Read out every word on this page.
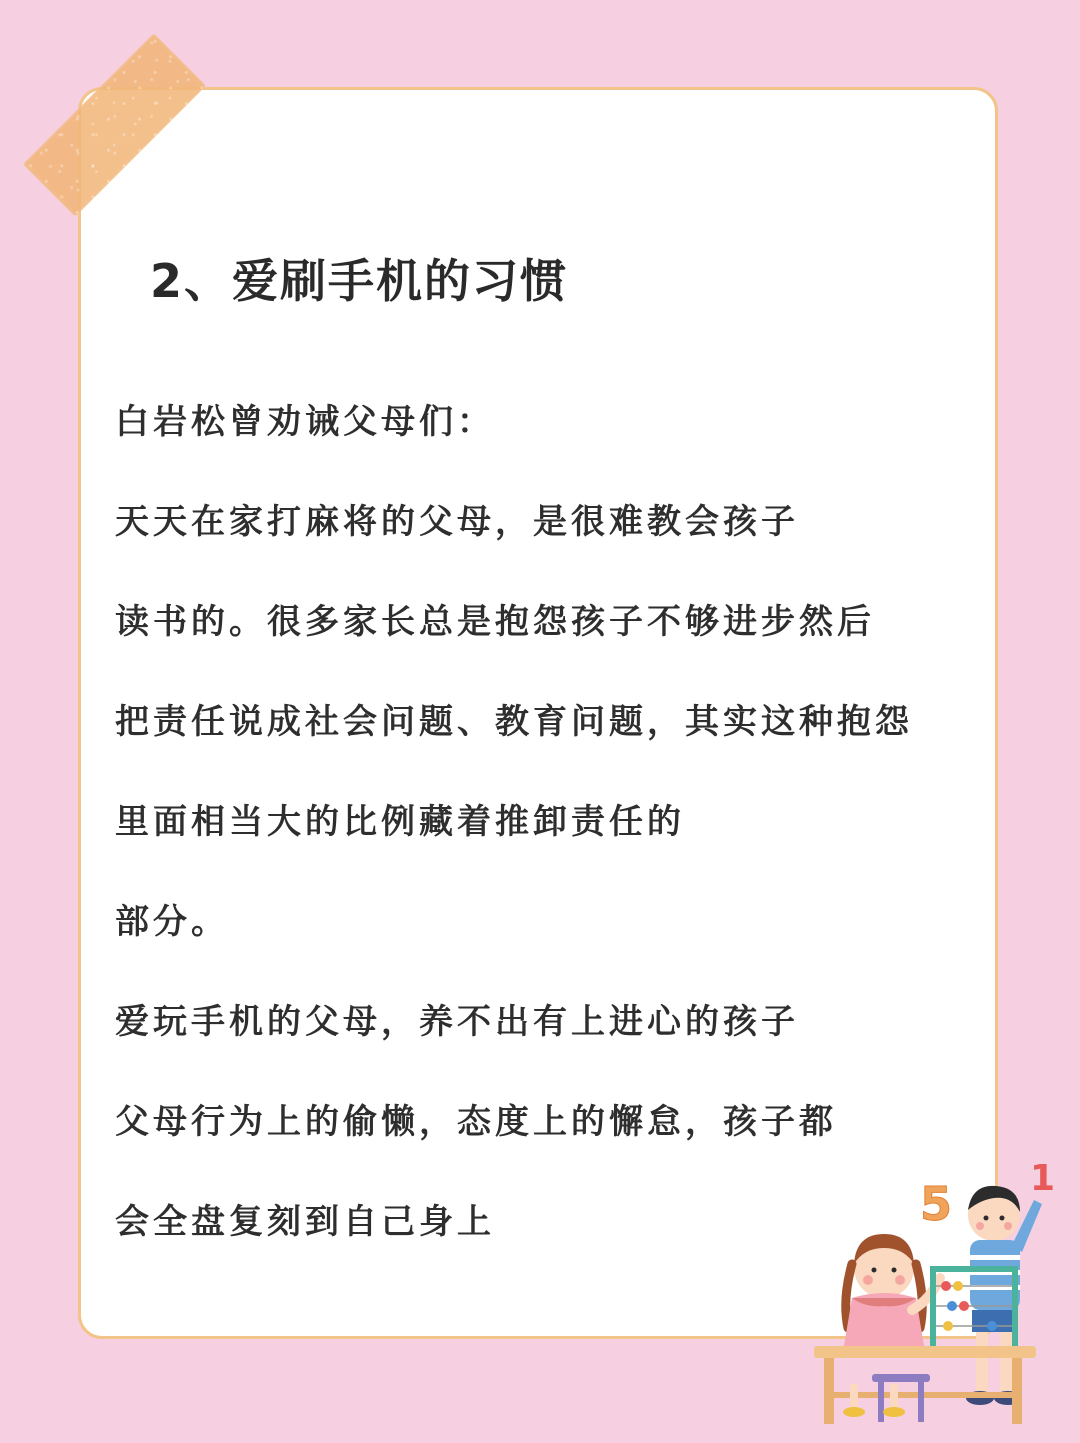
2、爱刷手机的习惯
白岩松曾劝诫父母们：
天天在家打麻将的父母，是很难教会孩子
读书的。很多家长总是抱怨孩子不够进步然后
把责任说成社会问题、教育问题，其实这种抱怨
里面相当大的比例藏着推卸责任的
部分。
爱玩手机的父母，养不出有上进心的孩子
父母行为上的偷懒，态度上的懈怠，孩子都
会全盘复刻到自己身上	5 1
